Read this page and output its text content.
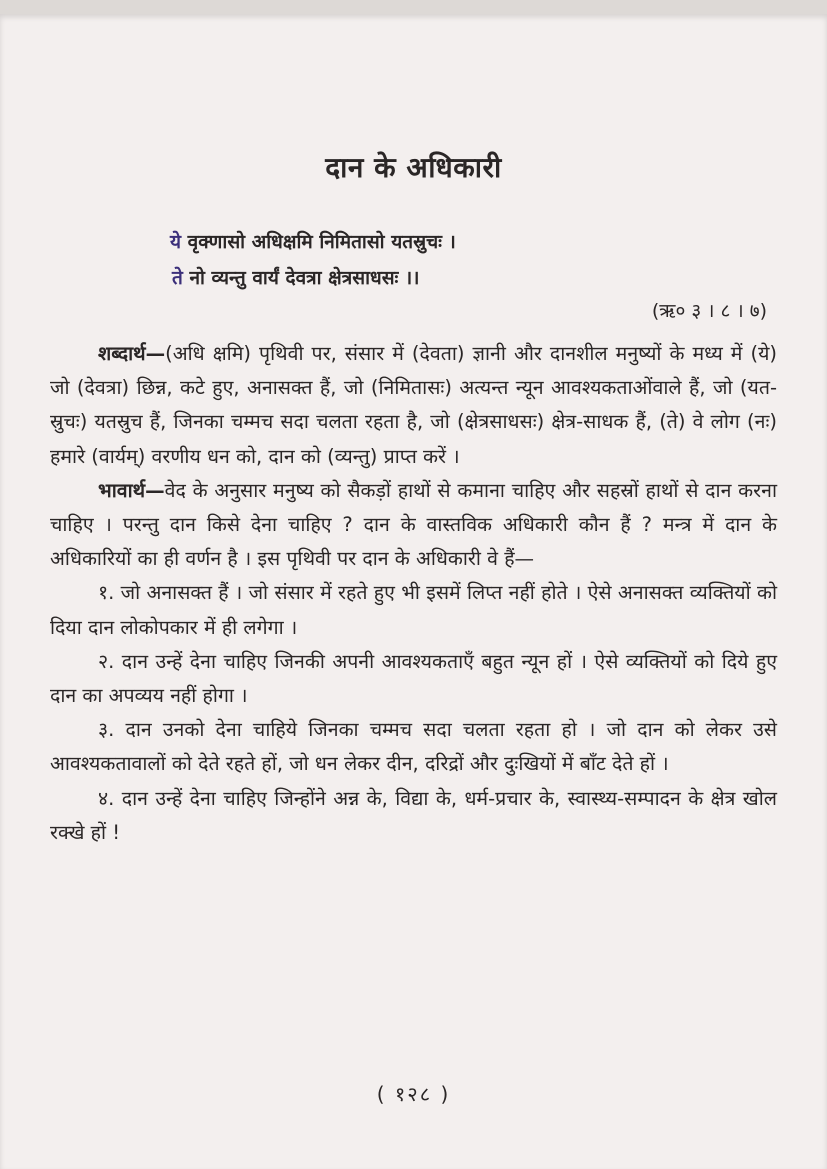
दान के अधिकारी
ये वृक्णासो अधिक्षमि निमितासो यतस्रुचः ।
ते नो व्यन्तु वार्यं देवत्रा क्षेत्रसाधसः ।।
(ऋ० ३ । ८ । ७)

शब्दार्थ—(अधि क्षमि) पृथिवी पर, संसार में (देवता) ज्ञानी और दानशील मनुष्यों के मध्य में (ये) जो (देवत्रा) छिन्न, कटे हुए, अनासक्त हैं, जो (निमितासः) अत्यन्त न्यून आवश्यकताओंवाले हैं, जो (यत-स्रुचः) यतस्रुच हैं, जिनका चम्मच सदा चलता रहता है, जो (क्षेत्रसाधसः) क्षेत्र-साधक हैं, (ते) वे लोग (नः) हमारे (वार्यम्) वरणीय धन को, दान को (व्यन्तु) प्राप्त करें ।

भावार्थ—वेद के अनुसार मनुष्य को सैकड़ों हाथों से कमाना चाहिए और सहस्रों हाथों से दान करना चाहिए । परन्तु दान किसे देना चाहिए ? दान के वास्तविक अधिकारी कौन हैं ? मन्त्र में दान के अधिकारियों का ही वर्णन है । इस पृथिवी पर दान के अधिकारी वे हैं—

१. जो अनासक्त हैं । जो संसार में रहते हुए भी इसमें लिप्त नहीं होते । ऐसे अनासक्त व्यक्तियों को दिया दान लोकोपकार में ही लगेगा ।

२. दान उन्हें देना चाहिए जिनकी अपनी आवश्यकताएँ बहुत न्यून हों । ऐसे व्यक्तियों को दिये हुए दान का अपव्यय नहीं होगा ।

३. दान उनको देना चाहिये जिनका चम्मच सदा चलता रहता हो । जो दान को लेकर उसे आवश्यकतावालों को देते रहते हों, जो धन लेकर दीन, दरिद्रों और दुःखियों में बाँट देते हों ।

४. दान उन्हें देना चाहिए जिन्होंने अन्न के, विद्या के, धर्म-प्रचार के, स्वास्थ्य-सम्पादन के क्षेत्र खोल रक्खे हों !

( १२८ )
